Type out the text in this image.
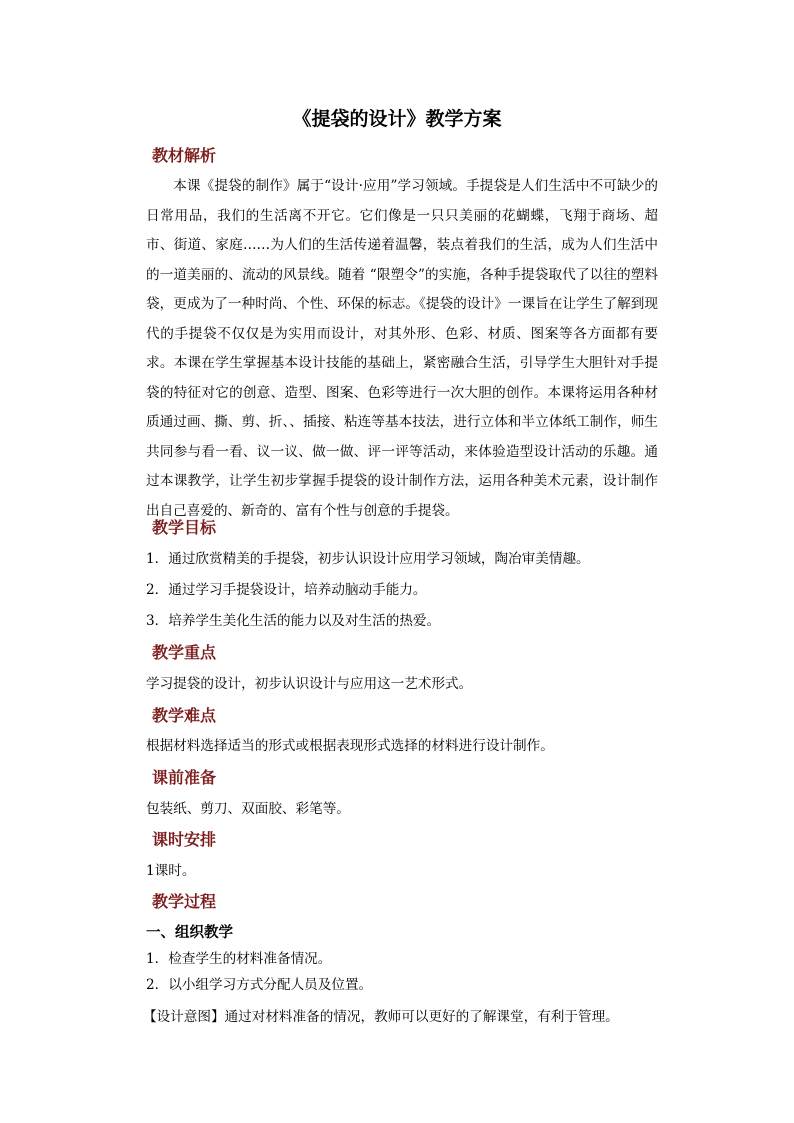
《提袋的设计》教学方案
教材解析

本课《提袋的制作》属于“设计·应用”学习领域。手提袋是人们生活中不可缺少的日常用品，我们的生活离不开它。它们像是一只只美丽的花蝴蝶，飞翔于商场、超市、街道、家庭……为人们的生活传递着温馨，装点着我们的生活，成为人们生活中的一道美丽的、流动的风景线。随着 “限塑令”的实施，各种手提袋取代了以往的塑料袋，更成为了一种时尚、个性、环保的标志。《提袋的设计》一课旨在让学生了解到现代的手提袋不仅仅是为实用而设计，对其外形、色彩、材质、图案等各方面都有要求。本课在学生掌握基本设计技能的基础上，紧密融合生活，引导学生大胆针对手提袋的特征对它的创意、造型、图案、色彩等进行一次大胆的创作。本课将运用各种材质通过画、撕、剪、折、、插接、粘连等基本技法，进行立体和半立体纸工制作，师生共同参与看一看、议一议、做一做、评一评等活动，来体验造型设计活动的乐趣。通过本课教学，让学生初步掌握手提袋的设计制作方法，运用各种美术元素，设计制作出自己喜爱的、新奇的、富有个性与创意的手提袋。

教学目标
1．通过欣赏精美的手提袋，初步认识设计应用学习领域，陶冶审美情趣。
2．通过学习手提袋设计，培养动脑动手能力。
3．培养学生美化生活的能力以及对生活的热爱。
教学重点
学习提袋的设计，初步认识设计与应用这一艺术形式。
教学难点
根据材料选择适当的形式或根据表现形式选择的材料进行设计制作。
课前准备
包装纸、剪刀、双面胶、彩笔等。
课时安排
1课时。
教学过程
一、组织教学
1．检查学生的材料准备情况。
2．以小组学习方式分配人员及位置。
【设计意图】通过对材料准备的情况，教师可以更好的了解课堂，有利于管理。
